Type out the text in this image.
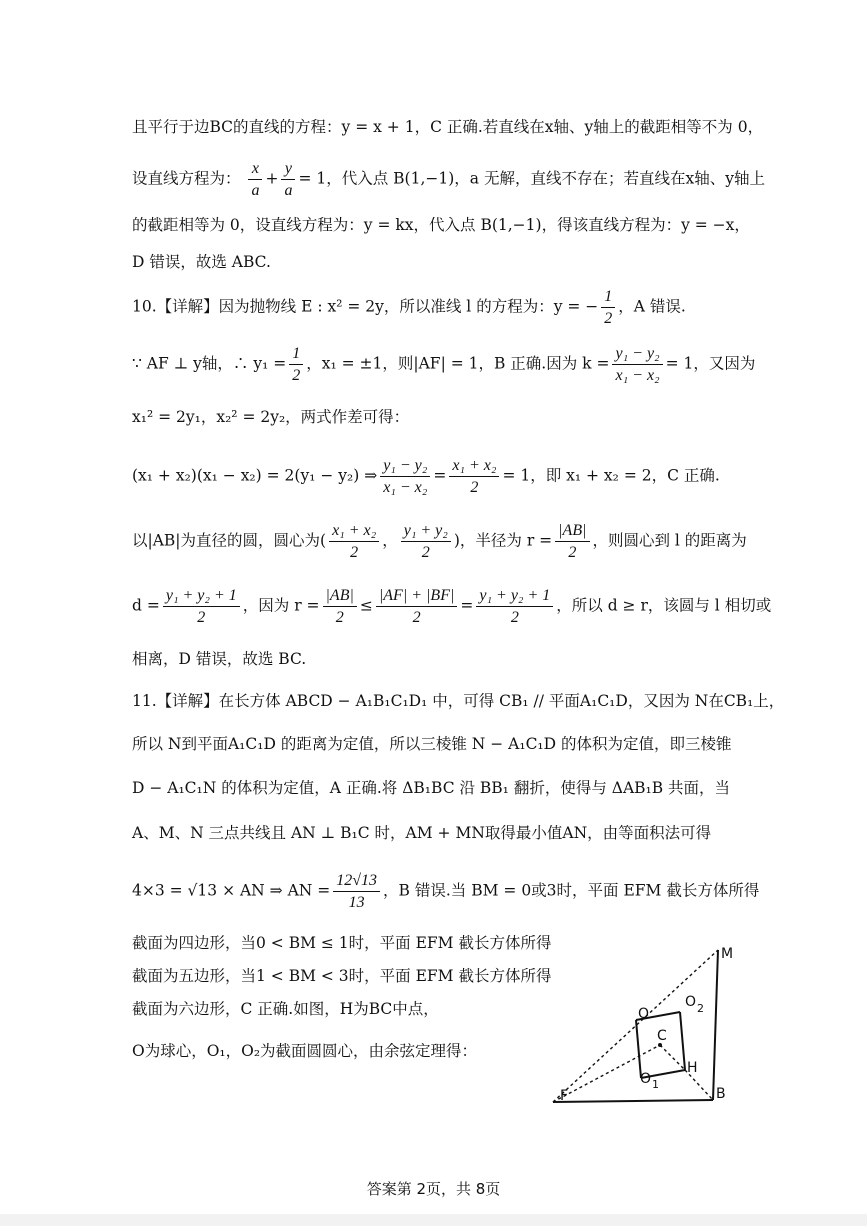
且平行于边BC的直线的方程：y = x + 1，C 正确.若直线在x轴、y轴上的截距相等不为 0，
设直线方程为： $\frac{x}{a} + \frac{y}{a} = 1$，代入点 B(1,−1)，a 无解，直线不存在；若直线在x轴、y轴上
的截距相等为 0，设直线方程为：y = kx，代入点 B(1,−1)，得该直线方程为：y = −x，
D 错误，故选 ABC.
10.【详解】因为抛物线 E : x² = 2y，所以准线 l 的方程为：y = − $\frac{1}{2}$ ，A 错误.
∵ AF ⊥ y轴，∴ $y_1 = \frac{1}{2}$ ，x₁ = ±1，则|AF| = 1，B 正确.因为 $k = \frac{\text{y₁ − y₂}}{\text{x₁ − x₂}} = 1$，又因为
x₁² = 2y₁，x₂² = 2y₂，两式作差可得：
(x₁ + x₂)(x₁ − x₂) = 2(y₁ − y₂) ⇒ $\frac{\text{y₁ − y₂}}{\text{x₁ − x₂}} = \frac{\text{x₁ + x₂}}{2} = 1$，即 x₁ + x₂ = 2，C 正确.
以|AB|为直径的圆，圆心为( $\frac{\text{x₁ + x₂}}{2}$ ， $\frac{\text{y₁ + y₂}}{2}$ )，半径为 $r = \frac{|AB|}{2}$ ，则圆心到 l 的距离为
$d = \frac{\text{y₁ + y₂ + 1}}{2}$ ，因为 $r = \frac{|AB|}{2} \le \frac{|AF| + |BF|}{2} = \frac{\text{y₁ + y₂ + 1}}{2}$ ，所以 d ≥ r，该圆与 l 相切或
相离，D 错误，故选 BC.
11.【详解】在长方体 ABCD − A₁B₁C₁D₁ 中，可得 CB₁ // 平面A₁C₁D，又因为 N在CB₁上，
所以 N到平面A₁C₁D 的距离为定值，所以三棱锥 N − A₁C₁D 的体积为定值，即三棱锥
D − A₁C₁N 的体积为定值，A 正确.将 ΔB₁BC 沿 BB₁ 翻折，使得与 ΔAB₁B 共面，当
A、M、N 三点共线且 AN ⊥ B₁C 时，AM + MN取得最小值AN，由等面积法可得
4×3 = √13 × AN ⇒ AN = $\frac{12√13}{13}$ ，B 错误.当 BM = 0或3时，平面 EFM 截长方体所得
截面为四边形，当0 < BM ≤ 1时，平面 EFM 截长方体所得
截面为五边形，当1 < BM < 3时，平面 EFM 截长方体所得
截面为六边形，C 正确.如图，H为BC中点，
O为球心，O₁，O₂为截面圆圆心，由余弦定理得：
M
O
O 2
C
H
O 1
F	B
答案第 2页，共 8页
